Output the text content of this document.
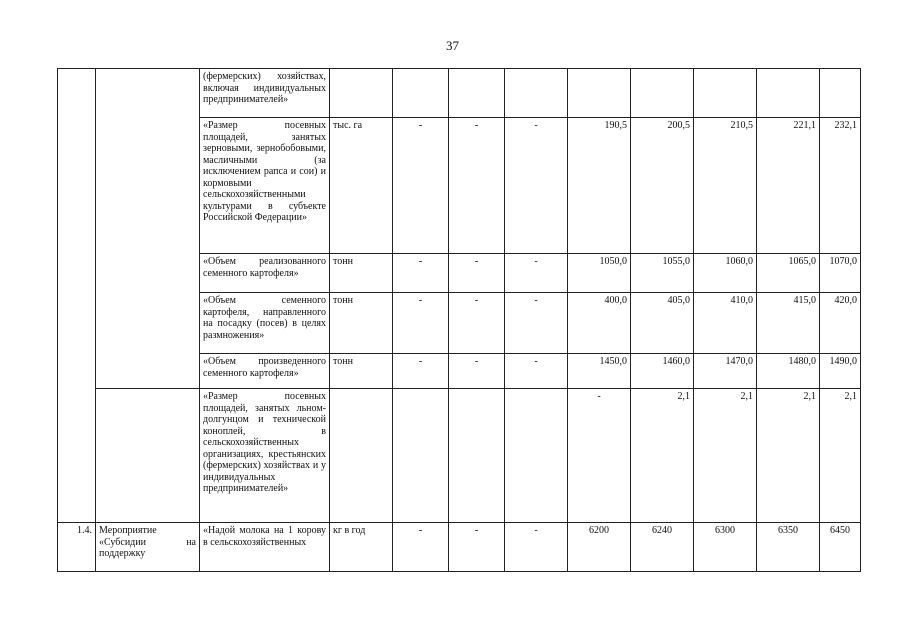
37
		(фермерских) хозяйствах, включая индивидуальных предпринимателей»									
		«Размер посевных площадей, занятых зерновыми, зернобобовыми, масличными (за исключением рапса и сои) и кормовыми сельскохозяйственными культурами в субъекте Российской Федерации»	тыс. га	-	-	-	190,5	200,5	210,5	221,1	232,1
		«Объем реализованного семенного картофеля»	тонн	-	-	-	1050,0	1055,0	1060,0	1065,0	1070,0
		«Объем семенного картофеля, направленного на посадку (посев) в целях размножения»	тонн	-	-	-	400,0	405,0	410,0	415,0	420,0
		«Объем произведенного семенного картофеля»	тонн	-	-	-	1450,0	1460,0	1470,0	1480,0	1490,0
		«Размер посевных площадей, занятых льном-долгунцом и технической коноплей, в сельскохозяйственных организациях, крестьянских (фермерских) хозяйствах и у индивидуальных предпринимателей»					-	2,1	2,1	2,1	2,1
1.4.	Мероприятие «Субсидии на поддержку	«Надой молока на 1 корову в сельскохозяйственных	кг в год	-	-	-	6200	6240	6300	6350	6450
